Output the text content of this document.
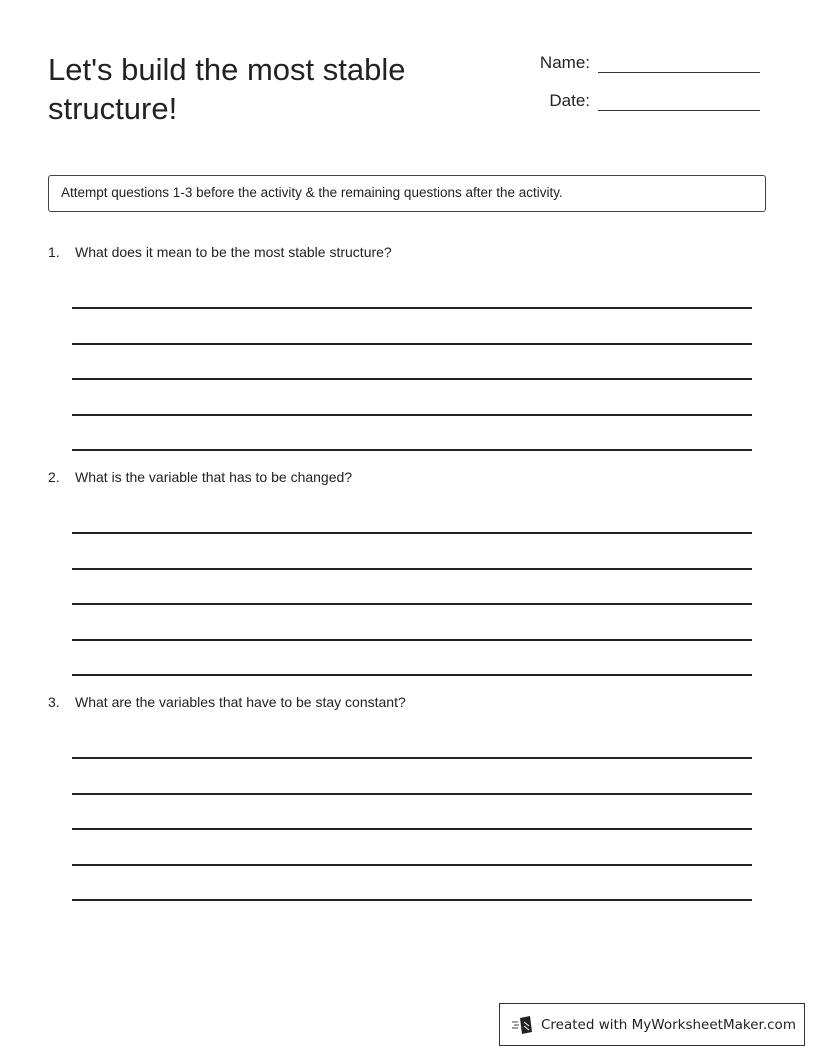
Let's build the most stable structure!
Name:
Date:
Attempt questions 1-3 before the activity & the remaining questions after the activity.
1.	What does it mean to be the most stable structure?
2.	What is the variable that has to be changed?
3.	What are the variables that have to be stay constant?
Created with MyWorksheetMaker.com
